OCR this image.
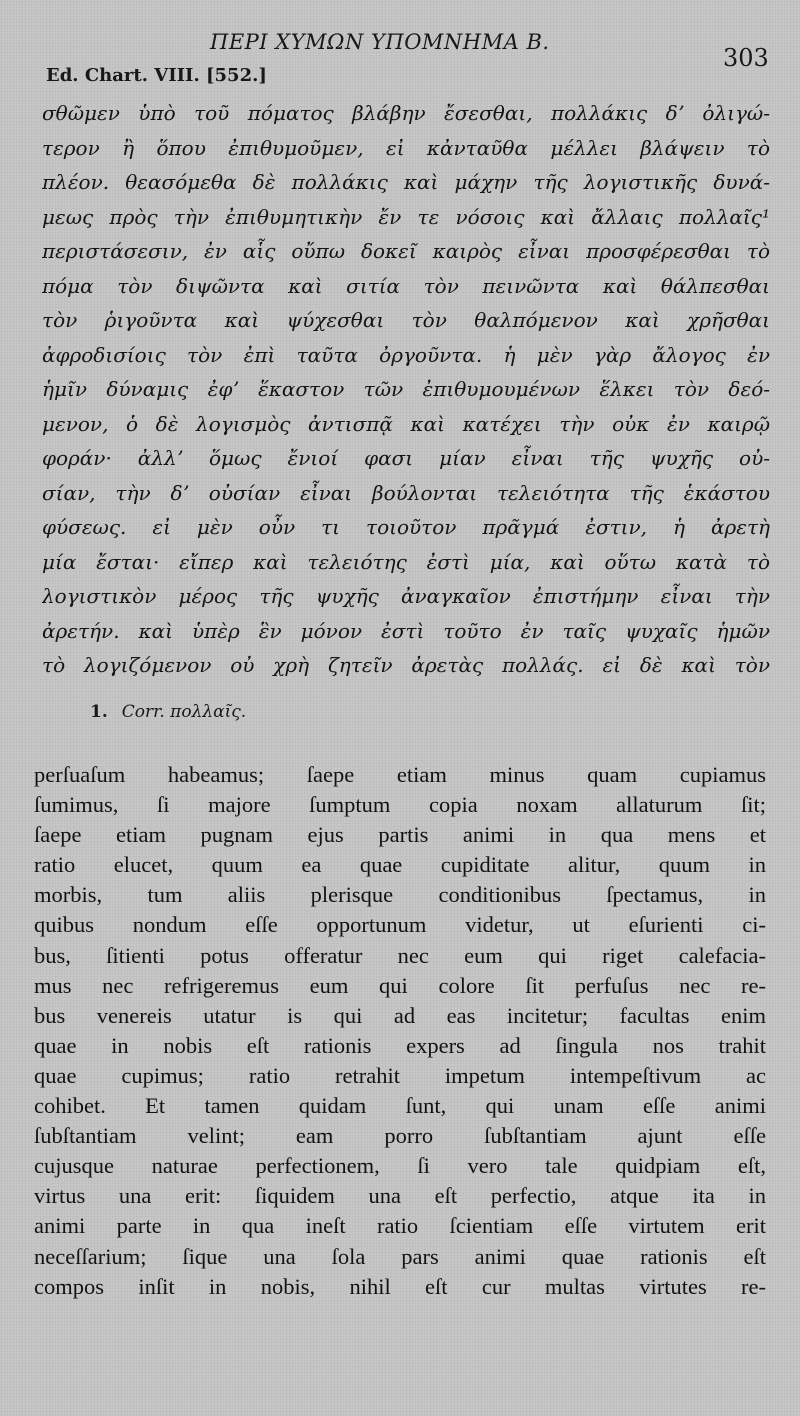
ΠΕΡΙ ΧΥΜΩΝ ΥΠΟΜΝΗΜΑ Β.
303
Ed. Chart. VIII. [552.]
σθῶμεν ὑπὸ τοῦ πόματος βλάβην ἔσεσθαι, πολλάκις δʼ ὀλιγώ-
τερον ἢ ὅπου ἐπιθυμοῦμεν, εἰ κἀνταῦθα μέλλει βλάψειν τὸ
πλέον. θεασόμεθα δὲ πολλάκις καὶ μάχην τῆς λογιστικῆς δυνά-
μεως πρὸς τὴν ἐπιθυμητικὴν ἔν τε νόσοις καὶ ἄλλαις πολλαῖς¹
περιστάσεσιν, ἐν αἷς οὔπω δοκεῖ καιρὸς εἶναι προσφέρεσθαι τὸ
πόμα τὸν διψῶντα καὶ σιτία τὸν πεινῶντα καὶ θάλπεσθαι
τὸν ῥιγοῦντα καὶ ψύχεσθαι τὸν θαλπόμενον καὶ χρῆσθαι
ἀφροδισίοις τὸν ἐπὶ ταῦτα ὀργοῦντα. ἡ μὲν γὰρ ἄλογος ἐν
ἡμῖν δύναμις ἐφʼ ἕκαστον τῶν ἐπιθυμουμένων ἕλκει τὸν δεό-
μενον, ὁ δὲ λογισμὸς ἀντισπᾷ καὶ κατέχει τὴν οὐκ ἐν καιρῷ
φοράν· ἀλλʼ ὅμως ἔνιοί φασι μίαν εἶναι τῆς ψυχῆς οὐ-
σίαν, τὴν δʼ οὐσίαν εἶναι βούλονται τελειότητα τῆς ἑκάστου
φύσεως. εἰ μὲν οὖν τι τοιοῦτον πρᾶγμά ἐστιν, ἡ ἀρετὴ
μία ἔσται· εἴπερ καὶ τελειότης ἐστὶ μία, καὶ οὕτω κατὰ τὸ
λογιστικὸν μέρος τῆς ψυχῆς ἀναγκαῖον ἐπιστήμην εἶναι τὴν
ἀρετήν. καὶ ὑπὲρ ἓν μόνον ἐστὶ τοῦτο ἐν ταῖς ψυχαῖς ἡμῶν
τὸ λογιζόμενον οὐ χρὴ ζητεῖν ἀρετὰς πολλάς. εἰ δὲ καὶ τὸν
1. Corr. πολλαῖς.
perſuaſum habeamus; ſaepe etiam minus quam cupiamus
ſumimus, ſi majore ſumptum copia noxam allaturum ſit;
ſaepe etiam pugnam ejus partis animi in qua mens et
ratio elucet, quum ea quae cupiditate alitur, quum in
morbis, tum aliis plerisque conditionibus ſpectamus, in
quibus nondum eſſe opportunum videtur, ut eſurienti ci-
bus, ſitienti potus offeratur nec eum qui riget calefacia-
mus nec refrigeremus eum qui colore ſit perfuſus nec re-
bus venereis utatur is qui ad eas incitetur; facultas enim
quae in nobis eſt rationis expers ad ſingula nos trahit
quae cupimus; ratio retrahit impetum intempeſtivum ac
cohibet. Et tamen quidam ſunt, qui unam eſſe animi
ſubſtantiam velint; eam porro ſubſtantiam ajunt eſſe
cujusque naturae perfectionem, ſi vero tale quidpiam eſt,
virtus una erit: ſiquidem una eſt perfectio, atque ita in
animi parte in qua ineſt ratio ſcientiam eſſe virtutem erit
neceſſarium; ſique una ſola pars animi quae rationis eſt
compos inſit in nobis, nihil eſt cur multas virtutes re-
